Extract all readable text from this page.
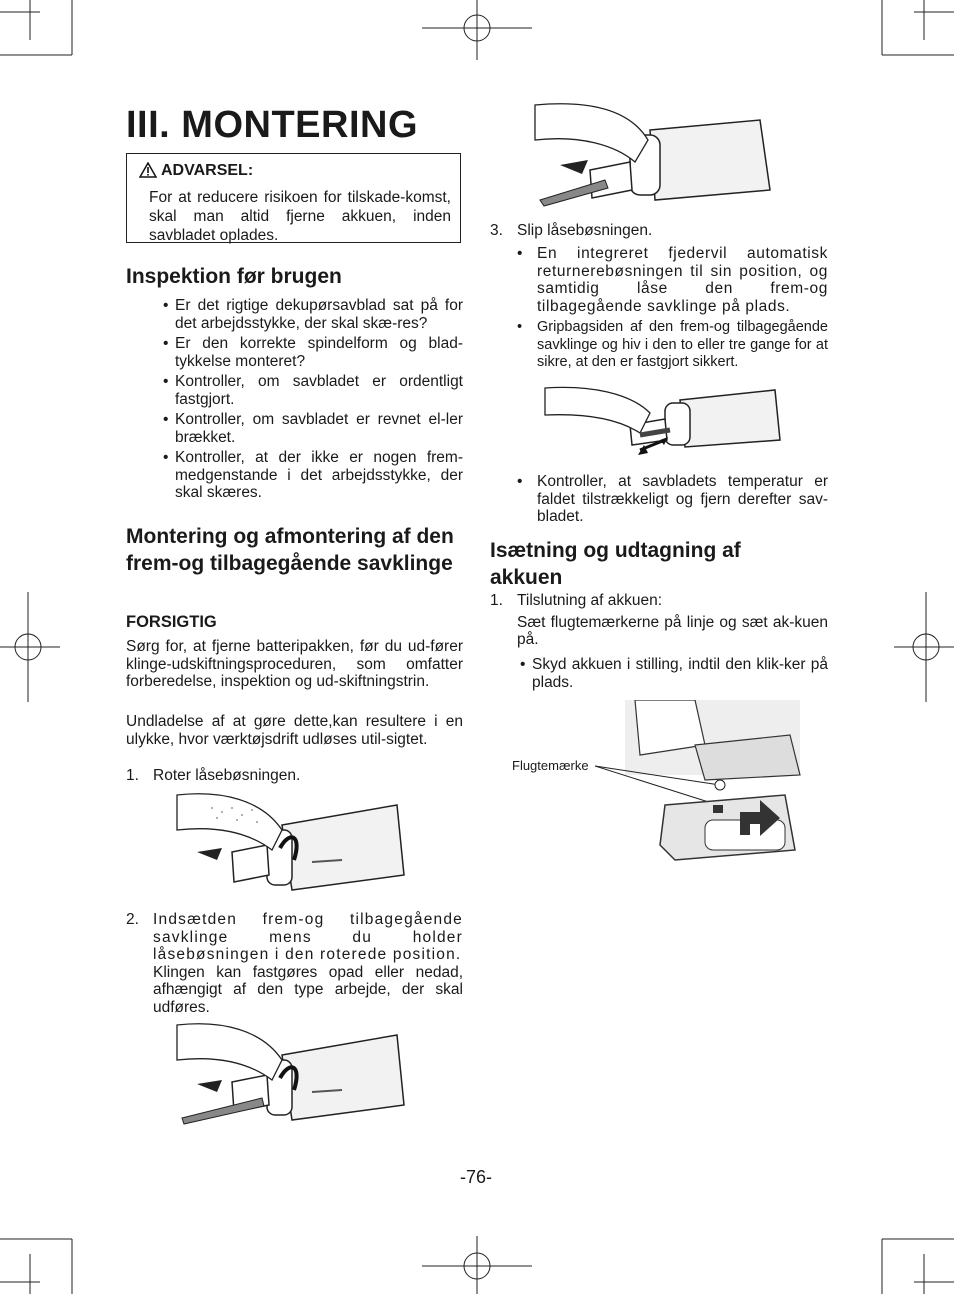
III. MONTERING
ADVARSEL:
For at reducere risikoen for tilskade-komst, skal man altid fjerne akkuen, inden savbladet oplades.
Inspektion før brugen
• Er det rigtige dekupørsavblad sat på for det arbejdsstykke, der skal skæ-res?
• Er den korrekte spindelform og blad-tykkelse monteret?
• Kontroller, om savbladet er ordentligt fastgjort.
• Kontroller, om savbladet er revnet el-ler brækket.
• Kontroller, at der ikke er nogen frem-medgenstande i det arbejdsstykke, der skal skæres.
Montering og afmontering af den frem-og tilbagegående savklinge
FORSIGTIG
Sørg for, at fjerne batteripakken, før du ud-fører klinge-udskiftningsproceduren, som omfatter forberedelse, inspektion og ud-skiftningstrin.
Undladelse af at gøre dette,kan resultere i en ulykke, hvor værktøjsdrift udløses util-sigtet.
1. Roter låsebøsningen.
2. Indsætden frem-og tilbagegående savklinge mens du holder låsebøsningen i den roterede position.
Klingen kan fastgøres opad eller nedad, afhængigt af den type arbejde, der skal udføres.
3. Slip låsebøsningen.
• En integreret fjedervil automatisk returnerebøsningen til sin position, og samtidig låse den frem-og tilbagegående savklinge på plads.
• Gripbagsiden af den frem-og tilbagegående savklinge og hiv i den to eller tre gange for at sikre, at den er fastgjort sikkert.
• Kontroller, at savbladets temperatur er faldet tilstrækkeligt og fjern derefter sav-bladet.
Isætning og udtagning af akkuen
1. Tilslutning af akkuen:
Sæt flugtemærkerne på linje og sæt ak-kuen på.
• Skyd akkuen i stilling, indtil den klik-ker på plads.
Flugtemærke
-76-
